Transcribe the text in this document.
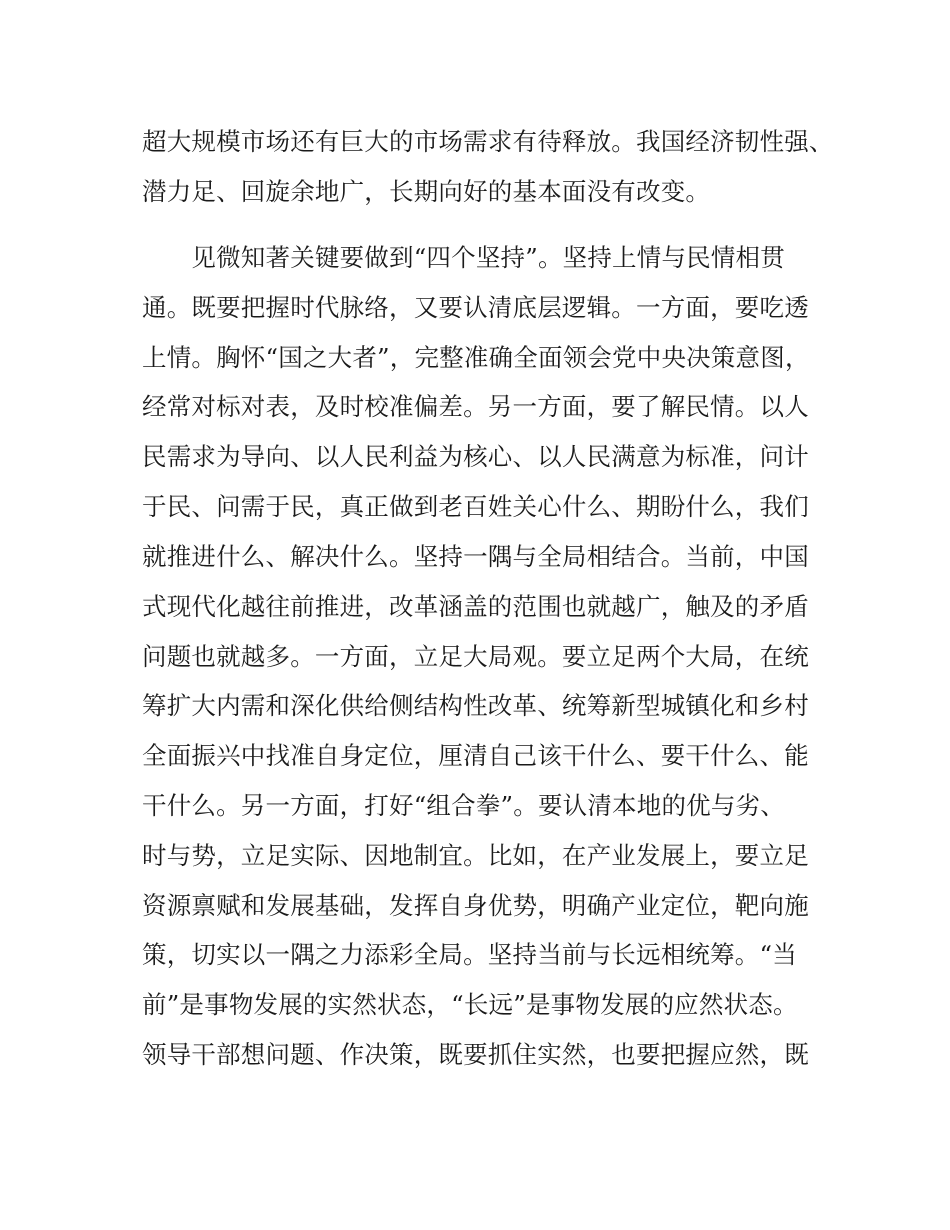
超大规模市场还有巨大的市场需求有待释放。我国经济韧性强、
潜力足、回旋余地广，长期向好的基本面没有改变。
　　见微知著关键要做到“四个坚持”。坚持上情与民情相贯
通。既要把握时代脉络，又要认清底层逻辑。一方面，要吃透
上情。胸怀“国之大者”，完整准确全面领会党中央决策意图，
经常对标对表，及时校准偏差。另一方面，要了解民情。以人
民需求为导向、以人民利益为核心、以人民满意为标准，问计
于民、问需于民，真正做到老百姓关心什么、期盼什么，我们
就推进什么、解决什么。坚持一隅与全局相结合。当前，中国
式现代化越往前推进，改革涵盖的范围也就越广，触及的矛盾
问题也就越多。一方面，立足大局观。要立足两个大局，在统
筹扩大内需和深化供给侧结构性改革、统筹新型城镇化和乡村
全面振兴中找准自身定位，厘清自己该干什么、要干什么、能
干什么。另一方面，打好“组合拳”。要认清本地的优与劣、
时与势，立足实际、因地制宜。比如，在产业发展上，要立足
资源禀赋和发展基础，发挥自身优势，明确产业定位，靶向施
策，切实以一隅之力添彩全局。坚持当前与长远相统筹。“当
前”是事物发展的实然状态，“长远”是事物发展的应然状态。
领导干部想问题、作决策，既要抓住实然，也要把握应然，既
